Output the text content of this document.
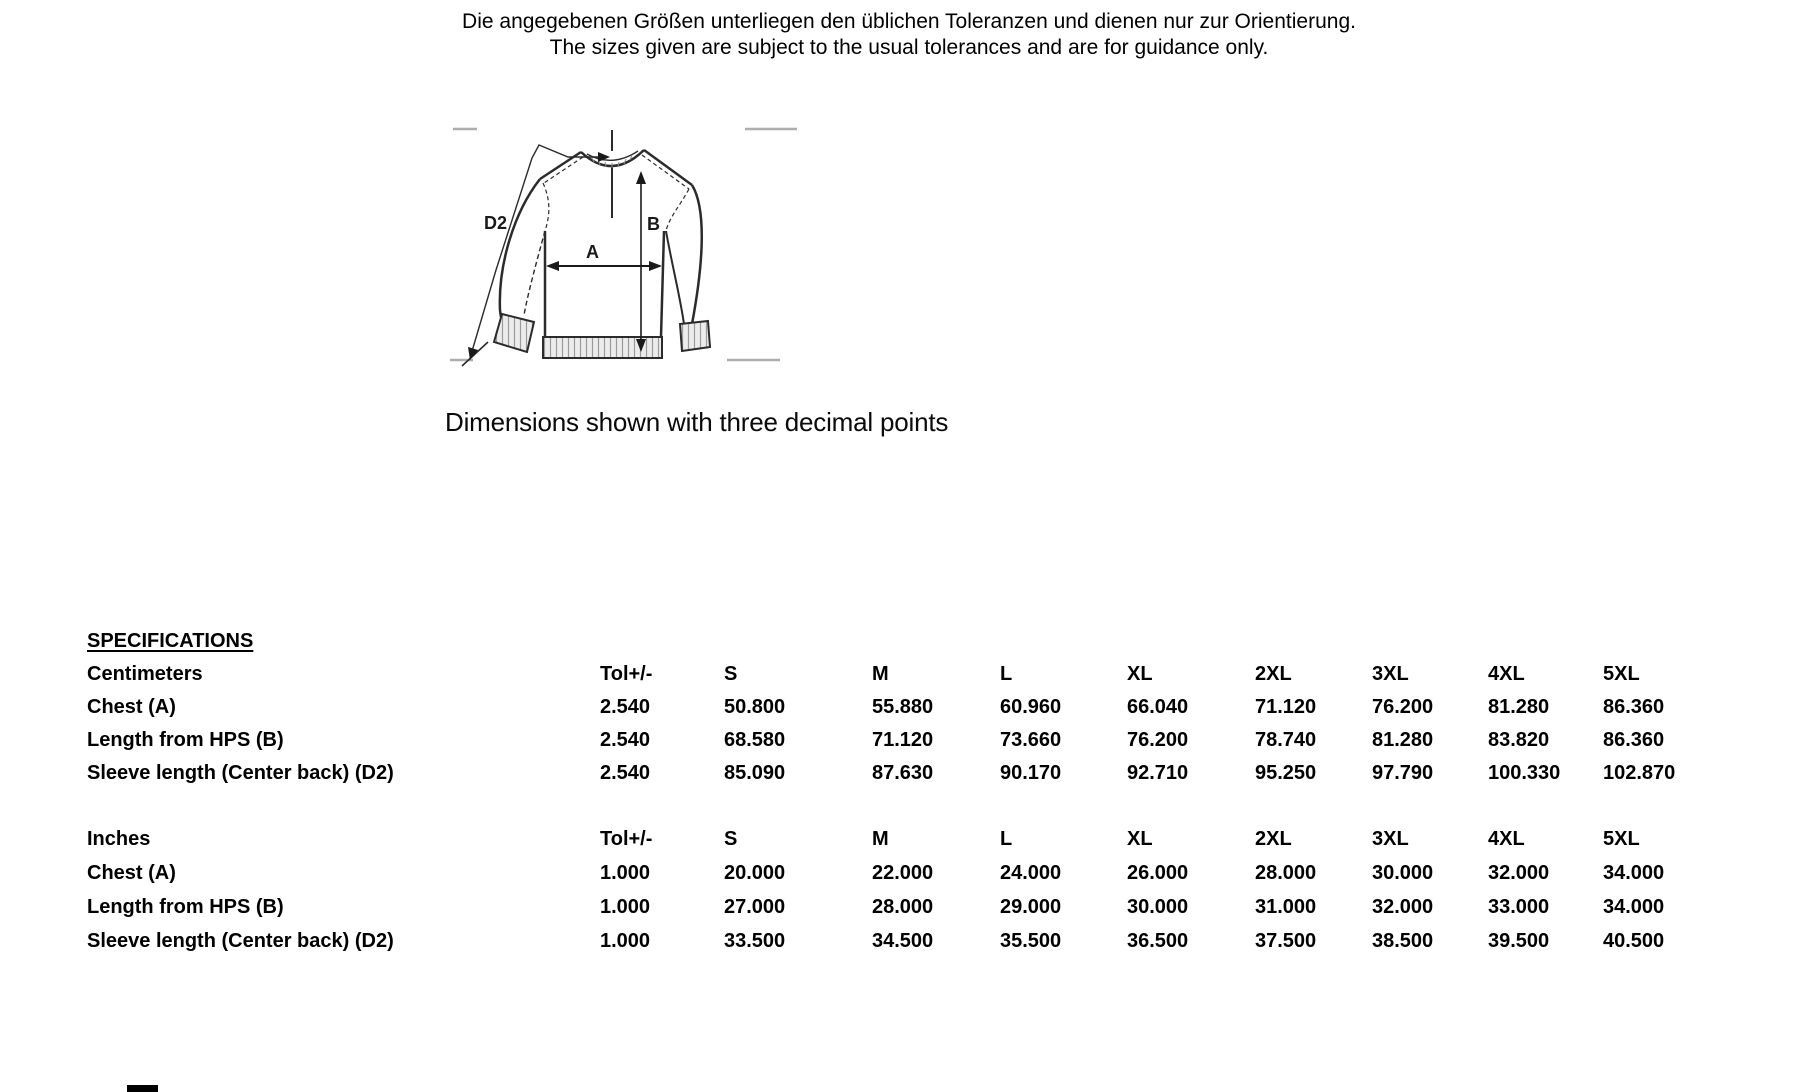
Die angegebenen Größen unterliegen den üblichen Toleranzen und dienen nur zur Orientierung.
The sizes given are subject to the usual tolerances and are for guidance only.
D2
A
B
Dimensions shown with three decimal points
SPECIFICATIONS
Centimeters	Tol+/-	S	M	L	XL	2XL	3XL	4XL	5XL
Chest (A)	2.540	50.800	55.880	60.960	66.040	71.120	76.200	81.280	86.360
Length from HPS (B)	2.540	68.580	71.120	73.660	76.200	78.740	81.280	83.820	86.360
Sleeve length (Center back) (D2)	2.540	85.090	87.630	90.170	92.710	95.250	97.790	100.330	102.870
Inches	Tol+/-	S	M	L	XL	2XL	3XL	4XL	5XL
Chest (A)	1.000	20.000	22.000	24.000	26.000	28.000	30.000	32.000	34.000
Length from HPS (B)	1.000	27.000	28.000	29.000	30.000	31.000	32.000	33.000	34.000
Sleeve length (Center back) (D2)	1.000	33.500	34.500	35.500	36.500	37.500	38.500	39.500	40.500
